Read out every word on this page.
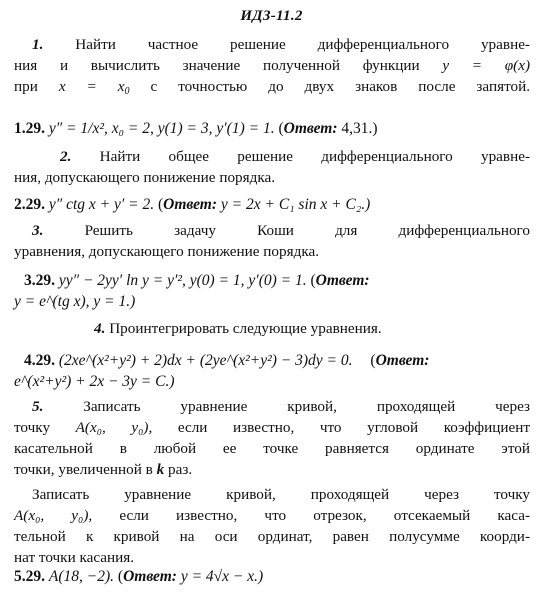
ИДЗ-11.2
1. Найти частное решение дифференциального уравне-
ния и вычислить значение полученной функции y = φ(x)
при $x = x_0$ с точностью до двух знаков после запятой.
1.29. y″ = 1/x², x₀ = 2, y(1) = 3, y′(1) = 1. (Ответ: 4,31.)
2. Найти общее решение дифференциального уравне-
ния, допускающего понижение порядка.
2.29. y″ ctg x + y′ = 2. (Ответ: y = 2x + C₁ sin x + C₂.)
3.	Решить задачу Коши для дифференциального
уравнения, допускающего понижение порядка.
3.29. yy″ − 2yy′ ln y = y′², y(0) = 1, y′(0) = 1. (Ответ:
y = e^(tg x), y = 1.)
4. Проинтегрировать следующие уравнения.
4.29. (2xe^(x²+y²) + 2)dx + (2ye^(x²+y²) − 3)dy = 0. (Ответ:
e^(x²+y²) + 2x − 3y = C.)
5.	Записать уравнение кривой, проходящей через
точку A(x₀, y₀), если известно, что угловой коэффициент
касательной в любой ее точке равняется ординате этой
точки, увеличенной в k раз.
Записать уравнение кривой, проходящей через точку
A(x₀, y₀), если известно, что отрезок, отсекаемый каса-
тельной к кривой на оси ординат, равен полусумме коорди-
нат точки касания.
5.29. A(18, −2). (Ответ: y = 4√x − x.)
